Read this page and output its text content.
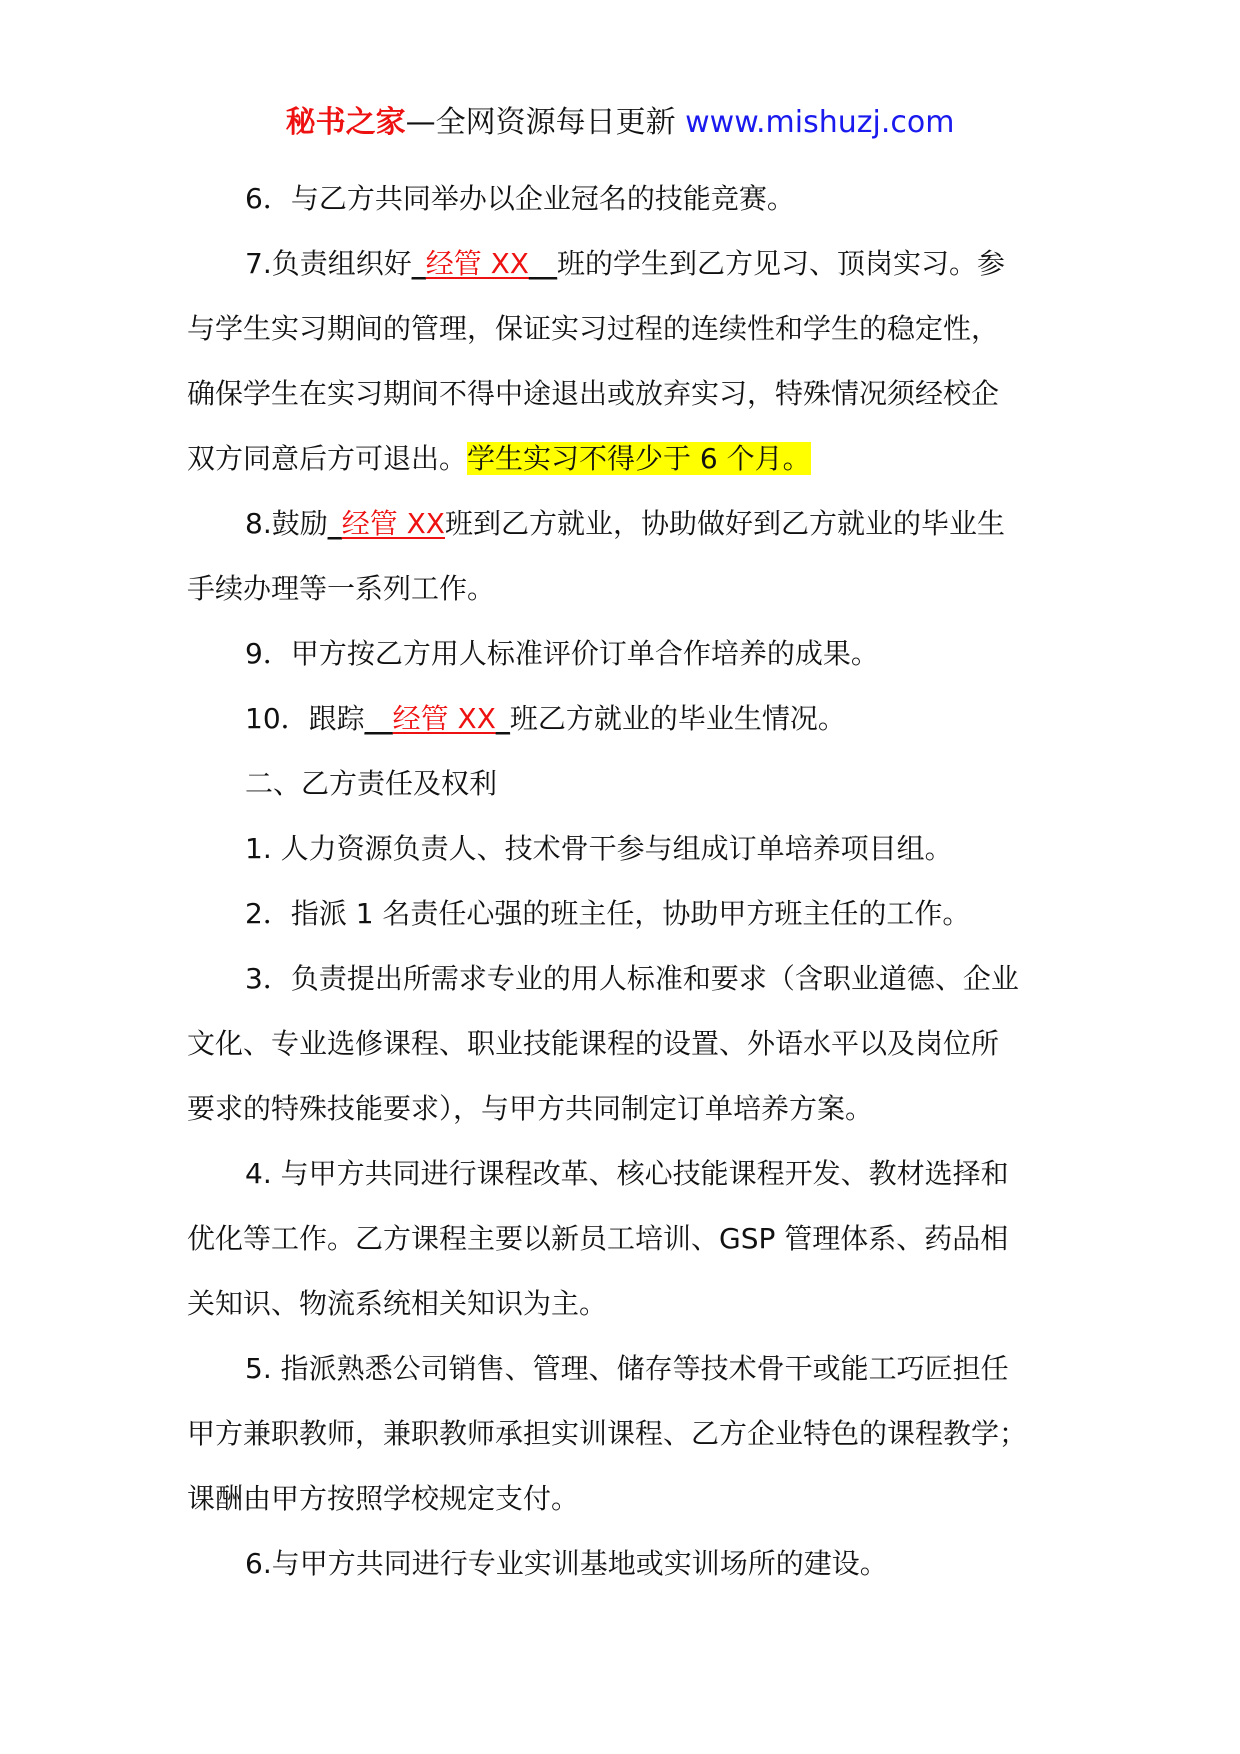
秘书之家—全网资源每日更新 www.mishuzj.com

6．与乙方共同举办以企业冠名的技能竞赛。

7.负责组织好_经管 XX__班的学生到乙方见习、顶岗实习。参

与学生实习期间的管理，保证实习过程的连续性和学生的稳定性，

确保学生在实习期间不得中途退出或放弃实习，特殊情况须经校企

双方同意后方可退出。学生实习不得少于 6 个月。

8.鼓励_经管 XX班到乙方就业，协助做好到乙方就业的毕业生

手续办理等一系列工作。

9．甲方按乙方用人标准评价订单合作培养的成果。

10．跟踪__经管 XX_班乙方就业的毕业生情况。

二、乙方责任及权利

1. 人力资源负责人、技术骨干参与组成订单培养项目组。

2．指派 1 名责任心强的班主任，协助甲方班主任的工作。

3．负责提出所需求专业的用人标准和要求（含职业道德、企业

文化、专业选修课程、职业技能课程的设置、外语水平以及岗位所

要求的特殊技能要求），与甲方共同制定订单培养方案。

4. 与甲方共同进行课程改革、核心技能课程开发、教材选择和

优化等工作。乙方课程主要以新员工培训、GSP 管理体系、药品相

关知识、物流系统相关知识为主。

5. 指派熟悉公司销售、管理、储存等技术骨干或能工巧匠担任

甲方兼职教师，兼职教师承担实训课程、乙方企业特色的课程教学；

课酬由甲方按照学校规定支付。

6.与甲方共同进行专业实训基地或实训场所的建设。
